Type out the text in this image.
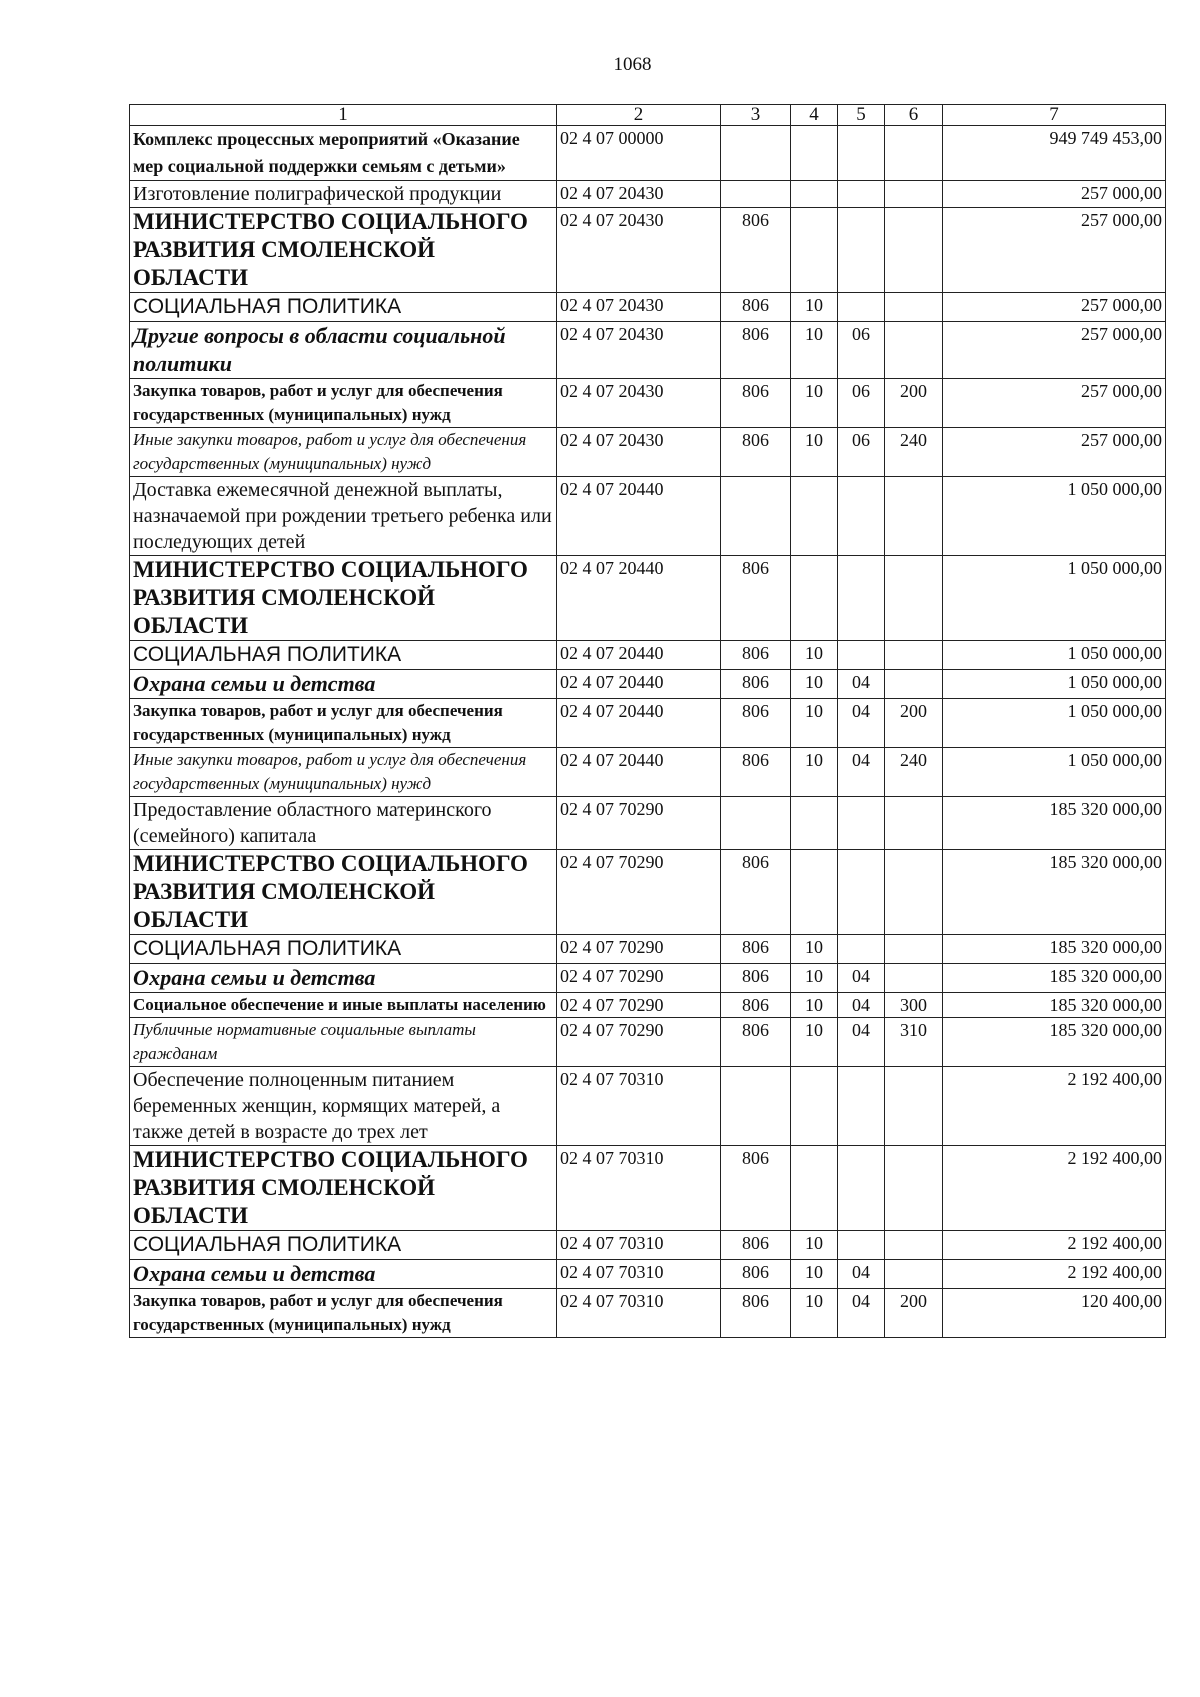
1068
1	2	3	4	5	6	7
Комплекс процессных мероприятий «Оказание мер социальной поддержки семьям с детьми»	02 4 07 00000					949 749 453,00
Изготовление полиграфической продукции	02 4 07 20430					257 000,00
МИНИСТЕРСТВО СОЦИАЛЬНОГО РАЗВИТИЯ СМОЛЕНСКОЙ ОБЛАСТИ	02 4 07 20430	806				257 000,00
СОЦИАЛЬНАЯ ПОЛИТИКА	02 4 07 20430	806	10			257 000,00
Другие вопросы в области социальной политики	02 4 07 20430	806	10	06		257 000,00
Закупка товаров, работ и услуг для обеспечения государственных (муниципальных) нужд	02 4 07 20430	806	10	06	200	257 000,00
Иные закупки товаров, работ и услуг для обеспечения государственных (муниципальных) нужд	02 4 07 20430	806	10	06	240	257 000,00
Доставка ежемесячной денежной выплаты, назначаемой при рождении третьего ребенка или последующих детей	02 4 07 20440					1 050 000,00
МИНИСТЕРСТВО СОЦИАЛЬНОГО РАЗВИТИЯ СМОЛЕНСКОЙ ОБЛАСТИ	02 4 07 20440	806				1 050 000,00
СОЦИАЛЬНАЯ ПОЛИТИКА	02 4 07 20440	806	10			1 050 000,00
Охрана семьи и детства	02 4 07 20440	806	10	04		1 050 000,00
Закупка товаров, работ и услуг для обеспечения государственных (муниципальных) нужд	02 4 07 20440	806	10	04	200	1 050 000,00
Иные закупки товаров, работ и услуг для обеспечения государственных (муниципальных) нужд	02 4 07 20440	806	10	04	240	1 050 000,00
Предоставление областного материнского (семейного) капитала	02 4 07 70290					185 320 000,00
МИНИСТЕРСТВО СОЦИАЛЬНОГО РАЗВИТИЯ СМОЛЕНСКОЙ ОБЛАСТИ	02 4 07 70290	806				185 320 000,00
СОЦИАЛЬНАЯ ПОЛИТИКА	02 4 07 70290	806	10			185 320 000,00
Охрана семьи и детства	02 4 07 70290	806	10	04		185 320 000,00
Социальное обеспечение и иные выплаты населению	02 4 07 70290	806	10	04	300	185 320 000,00
Публичные нормативные социальные выплаты гражданам	02 4 07 70290	806	10	04	310	185 320 000,00
Обеспечение полноценным питанием беременных женщин, кормящих матерей, а также детей в возрасте до трех лет	02 4 07 70310					2 192 400,00
МИНИСТЕРСТВО СОЦИАЛЬНОГО РАЗВИТИЯ СМОЛЕНСКОЙ ОБЛАСТИ	02 4 07 70310	806				2 192 400,00
СОЦИАЛЬНАЯ ПОЛИТИКА	02 4 07 70310	806	10			2 192 400,00
Охрана семьи и детства	02 4 07 70310	806	10	04		2 192 400,00
Закупка товаров, работ и услуг для обеспечения государственных (муниципальных) нужд	02 4 07 70310	806	10	04	200	120 400,00
